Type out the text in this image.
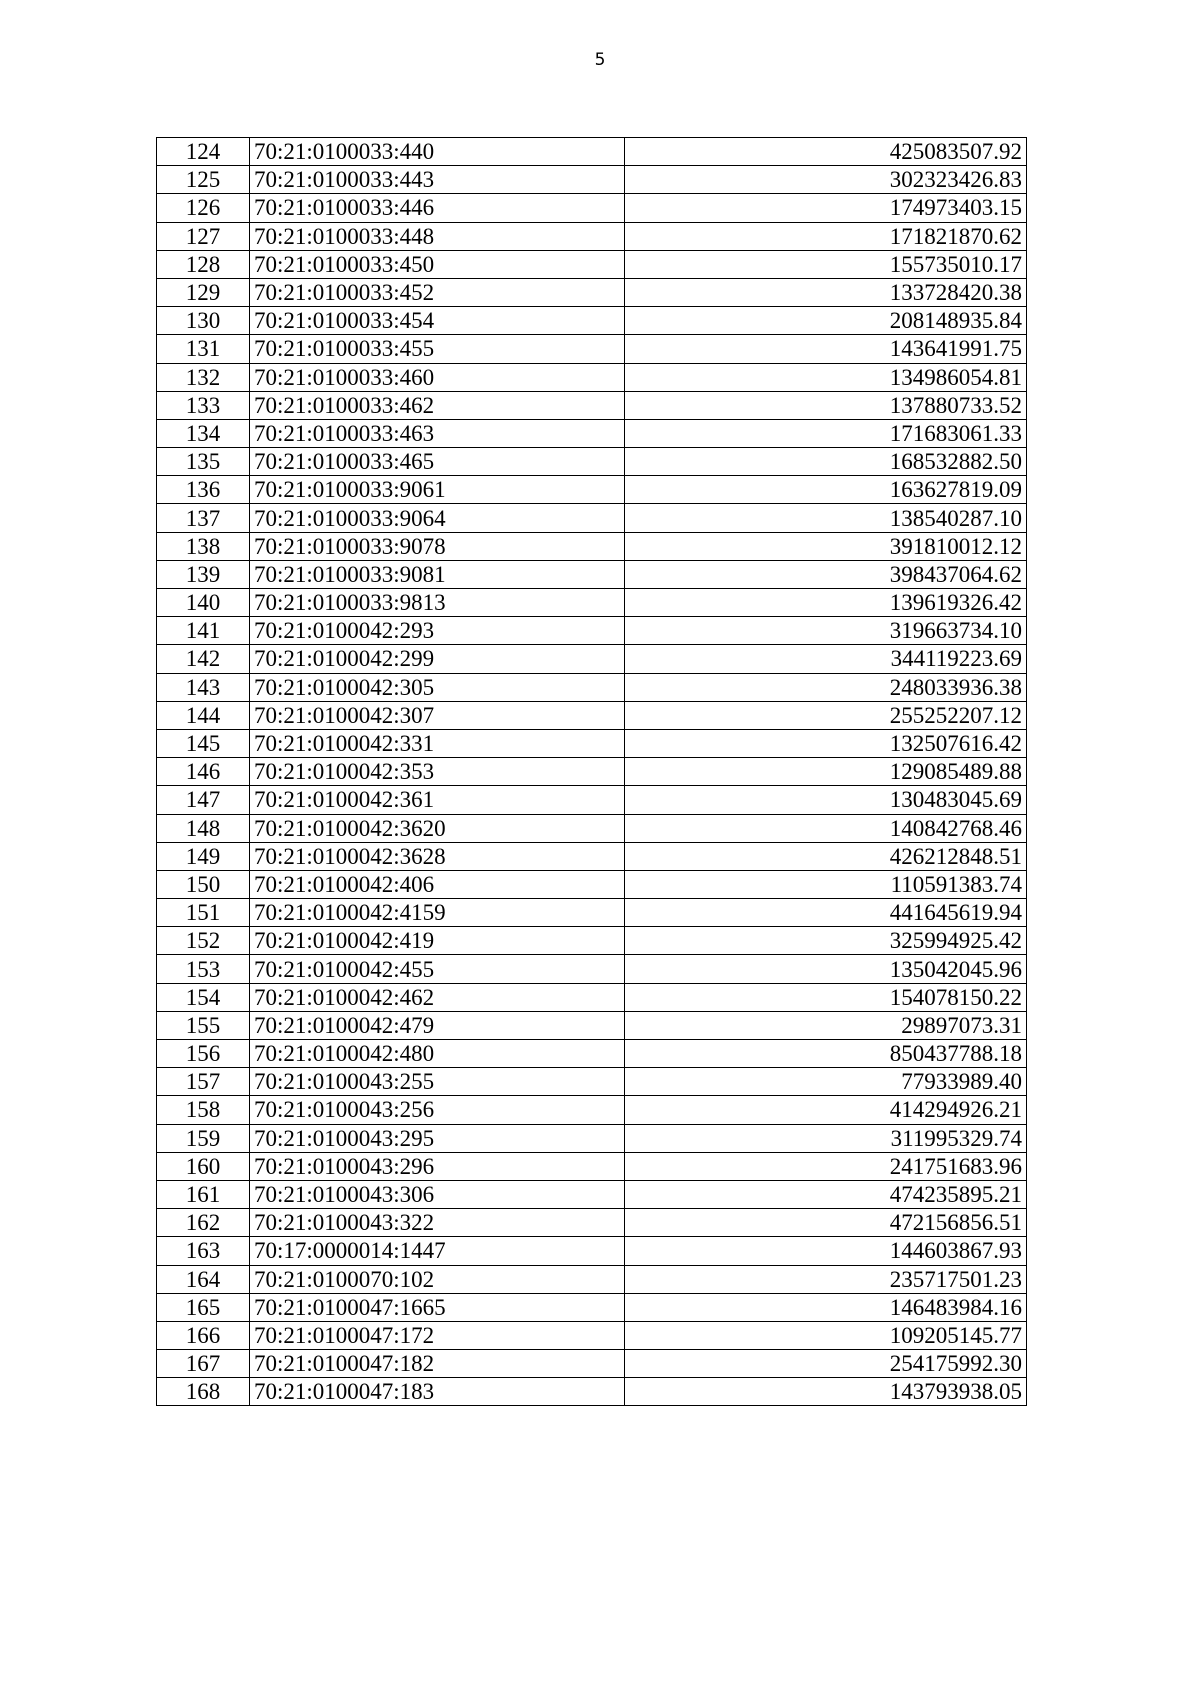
5
124	70:21:0100033:440	425083507.92
125	70:21:0100033:443	302323426.83
126	70:21:0100033:446	174973403.15
127	70:21:0100033:448	171821870.62
128	70:21:0100033:450	155735010.17
129	70:21:0100033:452	133728420.38
130	70:21:0100033:454	208148935.84
131	70:21:0100033:455	143641991.75
132	70:21:0100033:460	134986054.81
133	70:21:0100033:462	137880733.52
134	70:21:0100033:463	171683061.33
135	70:21:0100033:465	168532882.50
136	70:21:0100033:9061	163627819.09
137	70:21:0100033:9064	138540287.10
138	70:21:0100033:9078	391810012.12
139	70:21:0100033:9081	398437064.62
140	70:21:0100033:9813	139619326.42
141	70:21:0100042:293	319663734.10
142	70:21:0100042:299	344119223.69
143	70:21:0100042:305	248033936.38
144	70:21:0100042:307	255252207.12
145	70:21:0100042:331	132507616.42
146	70:21:0100042:353	129085489.88
147	70:21:0100042:361	130483045.69
148	70:21:0100042:3620	140842768.46
149	70:21:0100042:3628	426212848.51
150	70:21:0100042:406	110591383.74
151	70:21:0100042:4159	441645619.94
152	70:21:0100042:419	325994925.42
153	70:21:0100042:455	135042045.96
154	70:21:0100042:462	154078150.22
155	70:21:0100042:479	29897073.31
156	70:21:0100042:480	850437788.18
157	70:21:0100043:255	77933989.40
158	70:21:0100043:256	414294926.21
159	70:21:0100043:295	311995329.74
160	70:21:0100043:296	241751683.96
161	70:21:0100043:306	474235895.21
162	70:21:0100043:322	472156856.51
163	70:17:0000014:1447	144603867.93
164	70:21:0100070:102	235717501.23
165	70:21:0100047:1665	146483984.16
166	70:21:0100047:172	109205145.77
167	70:21:0100047:182	254175992.30
168	70:21:0100047:183	143793938.05
